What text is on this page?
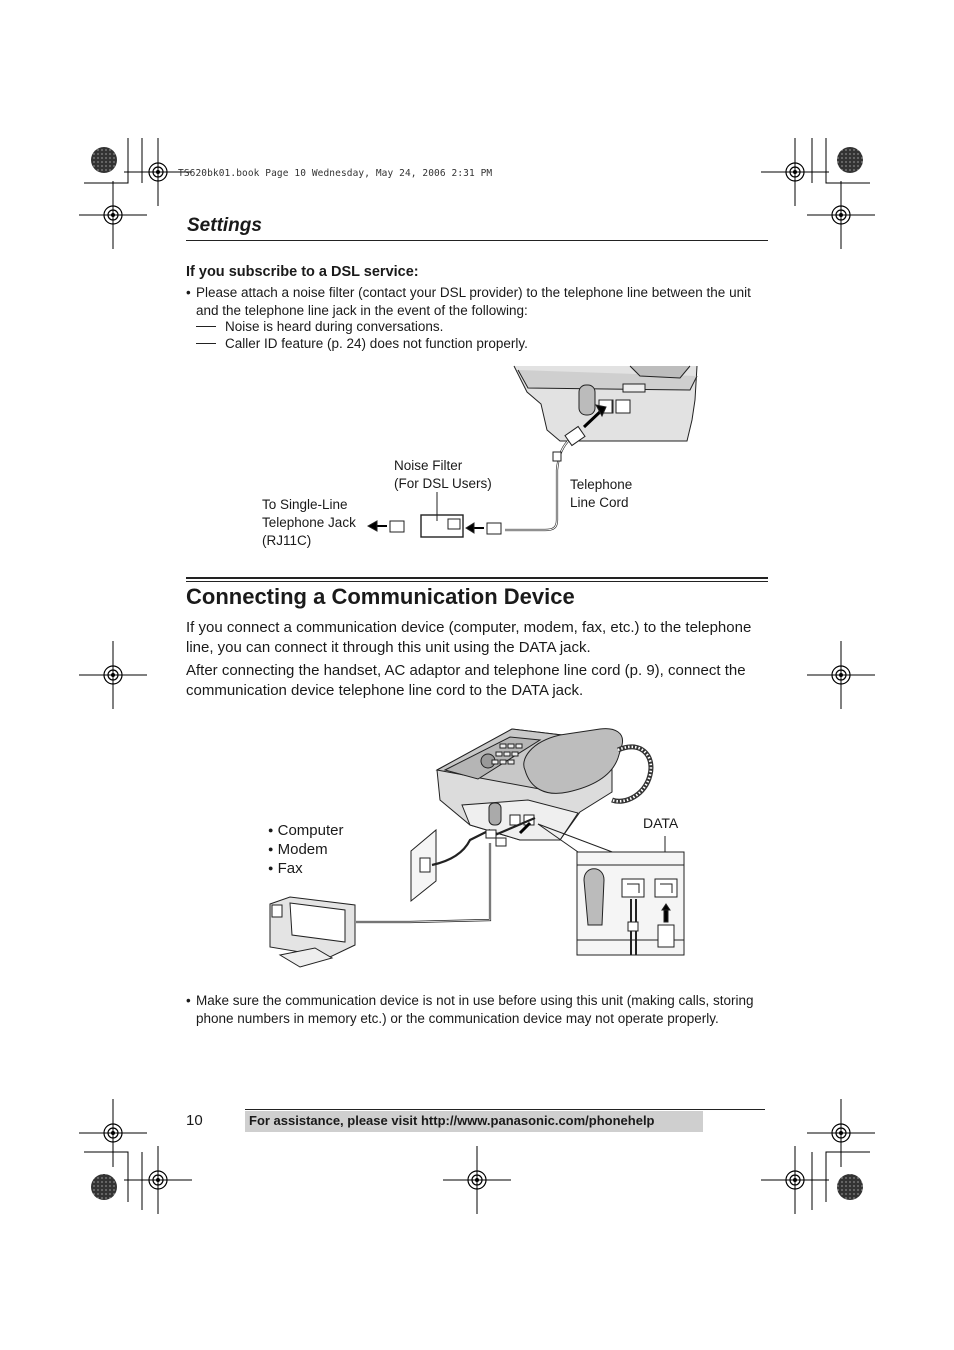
TS620bk01.book Page 10 Wednesday, May 24, 2006 2:31 PM
Settings
If you subscribe to a DSL service:
• Please attach a noise filter (contact your DSL provider) to the telephone line between the unit and the telephone line jack in the event of the following:
Noise is heard during conversations.
Caller ID feature (p. 24) does not function properly.
Noise Filter
(For DSL Users)
To Single-Line
Telephone Jack
(RJ11C)
Telephone
Line Cord
Connecting a Communication Device
If you connect a communication device (computer, modem, fax, etc.) to the telephone line, you can connect it through this unit using the DATA jack.
After connecting the handset, AC adaptor and telephone line cord (p. 9), connect the communication device telephone line cord to the DATA jack.
● Computer
● Modem
● Fax
DATA
• Make sure the communication device is not in use before using this unit (making calls, storing phone numbers in memory etc.) or the communication device may not operate properly.
10	For assistance, please visit http://www.panasonic.com/phonehelp
